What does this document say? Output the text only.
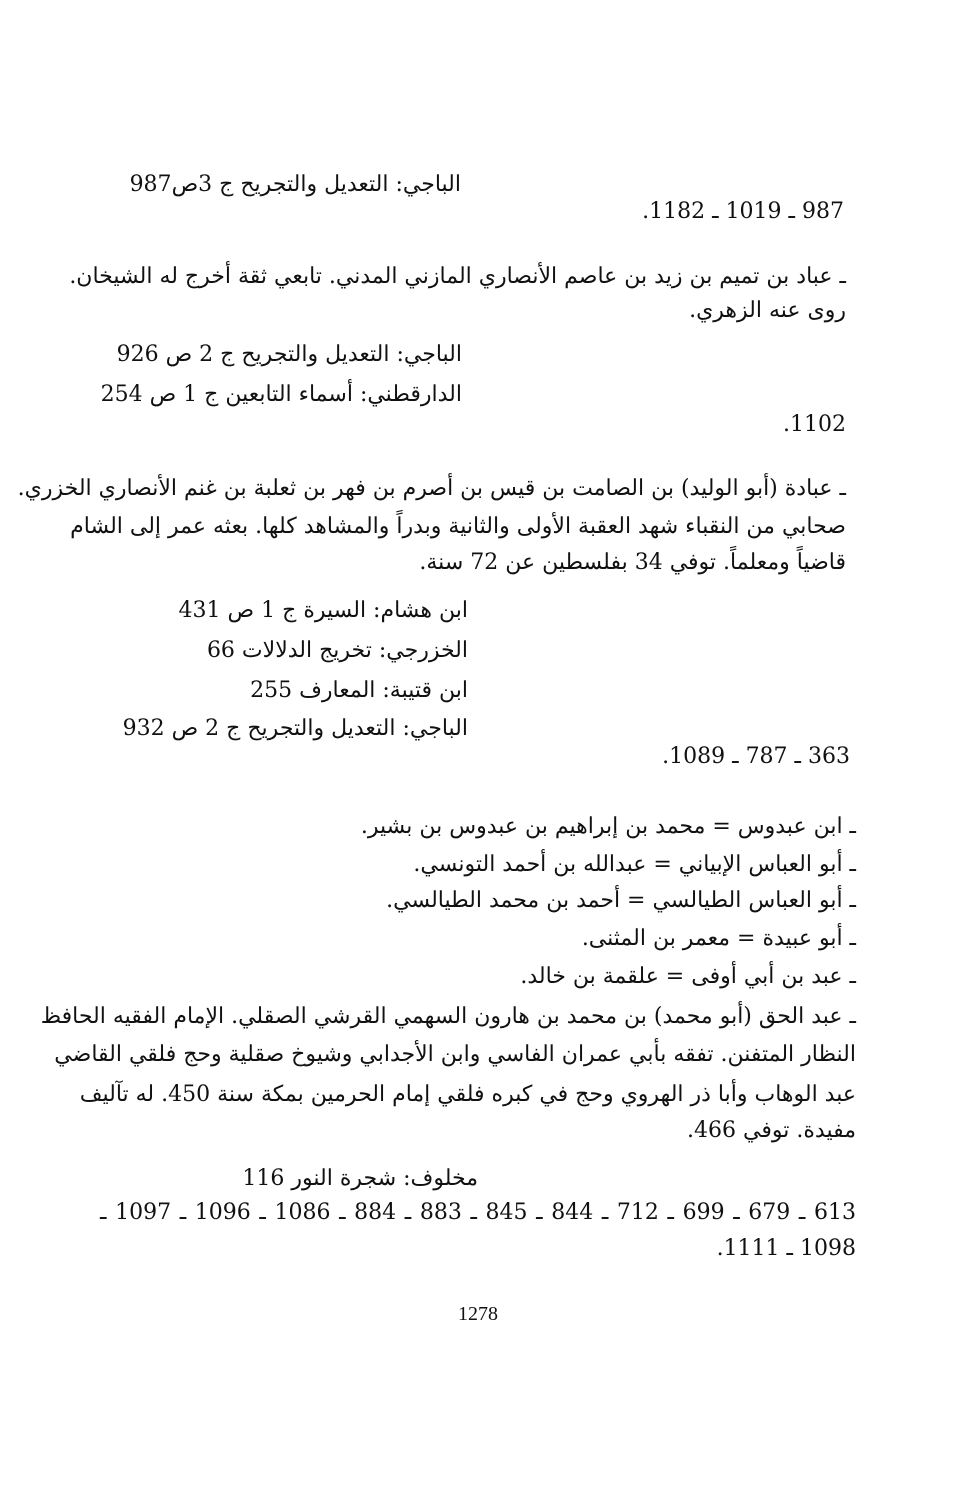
الباجي: التعديل والتجريح ج 3ص987
987 ـ 1019 ـ 1182.
ـ عباد بن تميم بن زيد بن عاصم الأنصاري المازني المدني. تابعي ثقة أخرج له الشيخان.
روى عنه الزهري.
الباجي: التعديل والتجريح ج 2 ص 926
الدارقطني: أسماء التابعين ج 1 ص 254
1102.
ـ عبادة (أبو الوليد) بن الصامت بن قيس بن أصرم بن فهر بن ثعلبة بن غنم الأنصاري الخزري.
صحابي من النقباء شهد العقبة الأولى والثانية وبدراً والمشاهد كلها. بعثه عمر إلى الشام
قاضياً ومعلماً. توفي 34 بفلسطين عن 72 سنة.
ابن هشام: السيرة ج 1 ص 431
الخزرجي: تخريج الدلالات 66
ابن قتيبة: المعارف 255
الباجي: التعديل والتجريح ج 2 ص 932
363 ـ 787 ـ 1089.
ـ ابن عبدوس = محمد بن إبراهيم بن عبدوس بن بشير.
ـ أبو العباس الإبياني = عبدالله بن أحمد التونسي.
ـ أبو العباس الطيالسي = أحمد بن محمد الطيالسي.
ـ أبو عبيدة = معمر بن المثنى.
ـ عبد بن أبي أوفى = علقمة بن خالد.
ـ عبد الحق (أبو محمد) بن محمد بن هارون السهمي القرشي الصقلي. الإمام الفقيه الحافظ
النظار المتفنن. تفقه بأبي عمران الفاسي وابن الأجدابي وشيوخ صقلية وحج فلقي القاضي
عبد الوهاب وأبا ذر الهروي وحج في كبره فلقي إمام الحرمين بمكة سنة 450. له تآليف
مفيدة. توفي 466.
مخلوف: شجرة النور 116
613 ـ 679 ـ 699 ـ 712 ـ 844 ـ 845 ـ 883 ـ 884 ـ 1086 ـ 1096 ـ 1097 ـ
1098 ـ 1111.
1278
